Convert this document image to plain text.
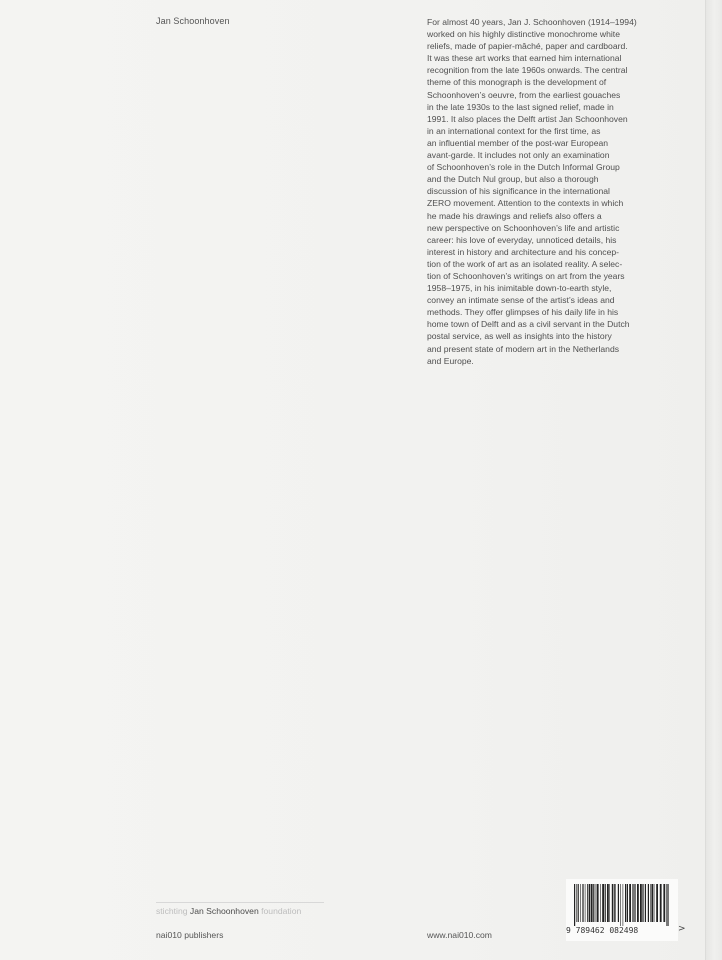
Jan Schoonhoven	For almost 40 years, Jan J. Schoonhoven (1914–1994)
worked on his highly distinctive monochrome white
reliefs, made of papier-mâché, paper and cardboard.
It was these art works that earned him international
recognition from the late 1960s onwards. The central
theme of this monograph is the development of
Schoonhoven’s oeuvre, from the earliest gouaches
in the late 1930s to the last signed relief, made in
1991. It also places the Delft artist Jan Schoonhoven
in an international context for the first time, as
an influential member of the post-war European
avant-garde. It includes not only an examination
of Schoonhoven’s role in the Dutch Informal Group
and the Dutch Nul group, but also a thorough
discussion of his significance in the international
ZERO movement. Attention to the contexts in which
he made his drawings and reliefs also offers a
new perspective on Schoonhoven’s life and artistic
career: his love of everyday, unnoticed details, his
interest in history and architecture and his concep-
tion of the work of art as an isolated reality. A selec-
tion of Schoonhoven’s writings on art from the years
1958–1975, in his inimitable down-to-earth style,
convey an intimate sense of the artist’s ideas and
methods. They offer glimpses of his daily life in his
home town of Delft and as a civil servant in the Dutch
postal service, as well as insights into the history
and present state of modern art in the Netherlands
and Europe.

stichting Jan Schoonhoven foundation
nai010 publishers	www.nai010.com	9 789462 082498	>
